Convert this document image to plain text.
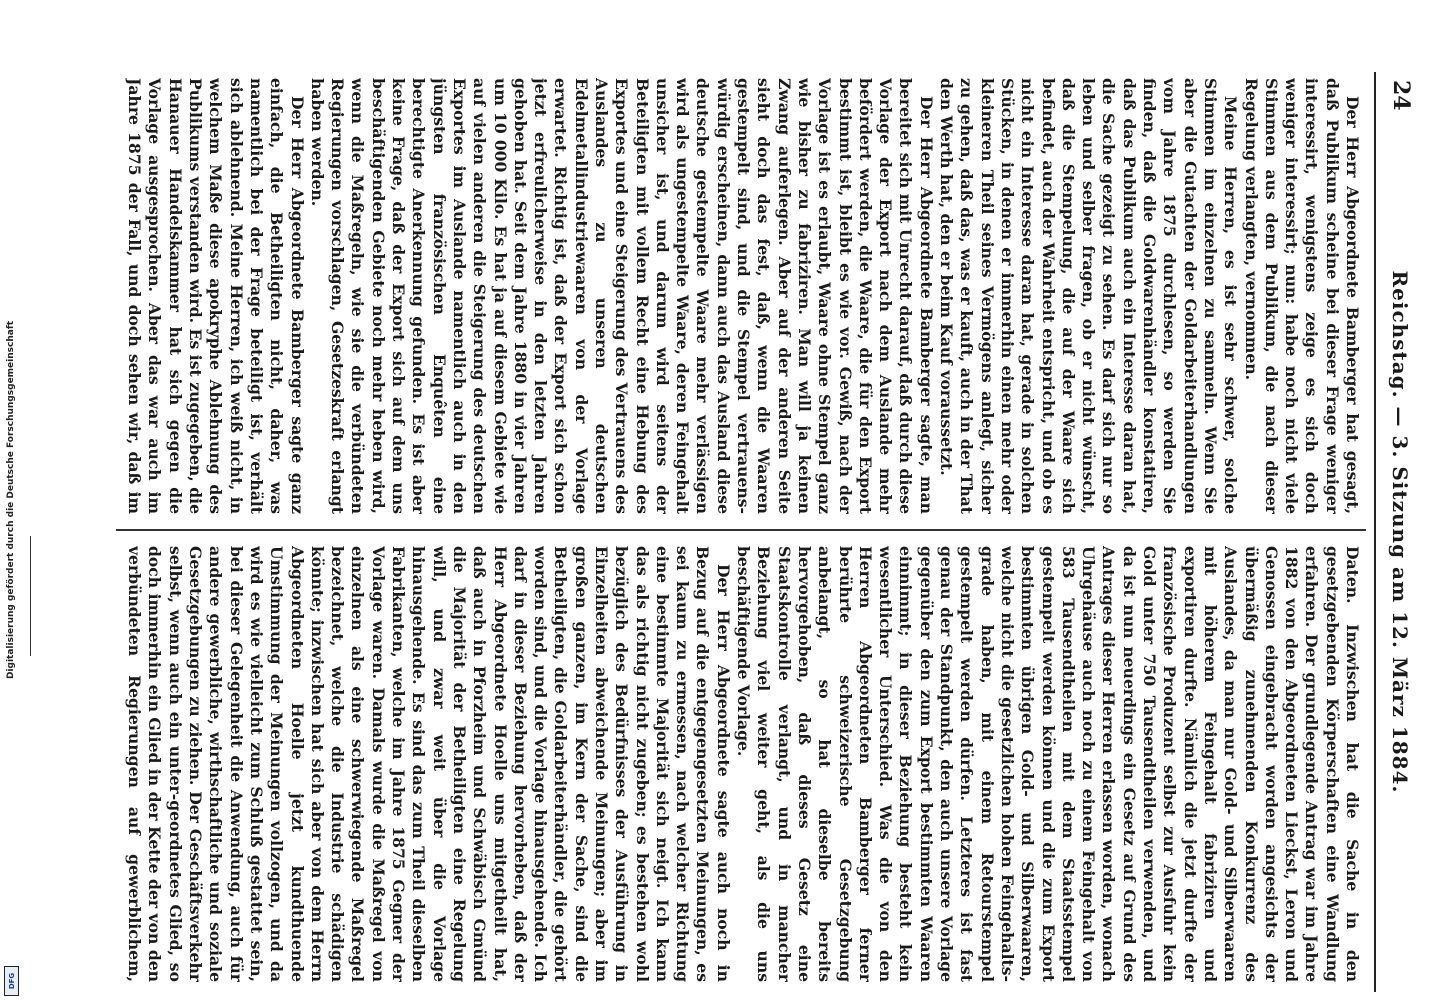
Digitalisierung gefördert durch die Deutsche Forschungsgemeinschaft
DFG
24
Reichstag. — 3. Sitzung am 12. März 1884.

Der Herr Abgeordnete Bamberger hat gesagt, daß Publikum scheine bei dieser Frage weniger interessirt, wenigstens zeige es sich doch weniger interessirt; nun: habe noch nicht viele Stimmen aus dem Publikum, die nach dieser Regelung verlangten, vernommen.

Meine Herren, es ist sehr schwer, solche Stimmen im einzelnen zu sammeln. Wenn Sie aber die Gutachten der Goldarbeiterhandlungen vom Jahre 1875 durchlesen, so werden Sie finden, daß die Goldwarenhändler konstatiren, daß das Publikum auch ein Interesse daran hat, die Sache gezeigt zu sehen. Es darf sich nur so leben und selber fragen, ob er nicht wünscht, daß die Stempelung, die auf der Waare sich befindet, auch der Wahrheit entspricht, und ob es nicht ein Interesse daran hat, gerade in solchen Stücken, in denen er immerhin einen mehr oder kleineren Theil seines Vermögens anlegt, sicher zu gehen, daß das, was er kauft, auch in der That den Werth hat, den er beim Kauf voraussetzt.

Der Herr Abgeordnete Bamberger sagte, man bereitet sich mit Unrecht darauf, daß durch diese Vorlage der Export nach dem Auslande mehr befördert werden, die Waare, die für den Export bestimmt ist, bleibt es wie vor. Gewiß, nach der Vorlage ist es erlaubt, Waare ohne Stempel ganz wie bisher zu fabriziren. Man will ja keinen Zwang auferlegen. Aber auf der anderen Seite sieht doch das fest, daß, wenn die Waaren gestempelt sind, und die Stempel vertrauens-würdig erscheinen, dann auch das Ausland diese deutsche gestempelte Waare mehr verlässigen wird als ungestempelte Waare, deren Feingehalt unsicher ist, und darum wird seitens der Beteiligten mit vollem Recht eine Hebung des Exportes und eine Steigerung des Vertrauens des Auslandes zu unseren deutschen Edelmetallindustriewaaren von der Vorlage erwartet. Richtig ist, daß der Export sich schon jetzt erfreulicherweise in den letzten Jahren gehoben hat. Seit dem Jahre 1880 in vier Jahren um 10 000 Kilo. Es hat ja auf diesem Gebiete wie auf vielen anderen die Steigerung des deutschen Exportes im Auslande namentlich auch in den jüngsten französischen Enquêten eine berechtigte Anerkennung gefunden. Es ist aber keine Frage, daß der Export sich auf dem uns beschäftigenden Gebiete noch mehr heben wird, wenn die Maßregeln, wie sie die verbündeten Regierungen vorschlagen, Gesetzeskraft erlangt haben werden.

Der Herr Abgeordnete Bamberger sagte ganz einfach, die Betheiligten nicht, daher, was namentlich bei der Frage beteiligt ist, verhält sich ablehnend. Meine Herren, ich weiß nicht, in welchem Maße diese apokryphe Ablehnung des Publikums verstanden wird. Es ist zugegeben, die Hanauer Handelskammer hat sich gegen die Vorlage ausgesprochen. Aber das war auch im Jahre 1875 der Fall, und doch sehen wir, daß im

Daten. Inzwischen hat die Sache in den gesetzgebenden Körperschaften eine Wandlung erfahren. Der grundlegende Antrag war im Jahre 1882 von den Abgeordneten Lieckst, Leron und Genossen eingebracht worden angesichts der übermäßig zunehmenden Konkurrenz des Auslandes, da man nur Gold- und Silberwaaren mit höherem Feingehalt fabriziren und exportiren durfte. Nämlich die jetzt durfte der französische Produzent selbst zur Ausfuhr kein Gold unter 750 Tausendtheilen verwenden, und da ist nun neuerdings ein Gesetz auf Grund des Antrages dieser Herren erlassen worden, wonach Uhrgehäuse auch noch zu einem Feingehalt von 583 Tausendtheilen mit dem Staatsstempel gestempelt werden können und die zum Export bestimmten übrigen Gold- und Silberwaaren, welche nicht die gesetzlichen hohen Feingehalts-grade haben, mit einem Retourstempel gestempelt werden dürfen. Letzteres ist fast genau der Standpunkt, den auch unsere Vorlage gegenüber den zum Export bestimmten Waaren einnimmt; in dieser Beziehung besteht kein wesentlicher Unterschied. Was die von den Herren Abgeordneten Bamberger ferner berührte schweizerische Gesetzgebung anbelangt, so hat dieselbe bereits hervorgehoben, daß dieses Gesetz eine Staatskontrolle verlangt, und in mancher Beziehung viel weiter geht, als die uns beschäftigende Vorlage.

Der Herr Abgeordnete sagte auch noch in Bezug auf die entgegengesetzten Meinungen, es sei kaum zu ermessen, nach welcher Richtung eine bestimmte Majorität sich neigt. Ich kann das als richtig nicht zugeben; es bestehen wohl bezüglich des Bedürfnisses der Ausführung in Einzelheiten abweichende Meinungen; aber im großen ganzen, im Kern der Sache, sind die Betheiligten, die Goldarbeiterhändler, die gehört worden sind, und die Vorlage hinausgehende. Ich darf in dieser Beziehung hervorheben, daß der Herr Abgeordnete Hoelle uns mitgetheilt hat, daß auch in Pforzheim und Schwäbisch Gmünd die Majorität der Betheiligten eine Regelung will, und zwar weit über die Vorlage hinausgehende. Es sind das zum Theil dieselben Fabrikanten, welche im Jahre 1875 Gegner der Vorlage waren. Damals wurde die Maßregel von einzelnen als eine schwerwiegende Maßregel bezeichnet, welche die Industrie schädigen könnte; inzwischen hat sich aber von dem Herrn Abgeordneten Hoelle jetzt kundthuende Umstimmung der Meinungen vollzogen, und da wird es wie vielleicht zum Schluß gestattet sein, bei dieser Gelegenheit die Anwendung, auch für andere gewerbliche, wirthschaftliche und soziale Gesetzgebungen zu ziehen. Der Geschäftsverkehr selbst, wenn auch ein unter-geordnetes Glied, so doch immerhin ein Glied in der Kette der von den verbündeten Regierungen auf gewerblichem,
